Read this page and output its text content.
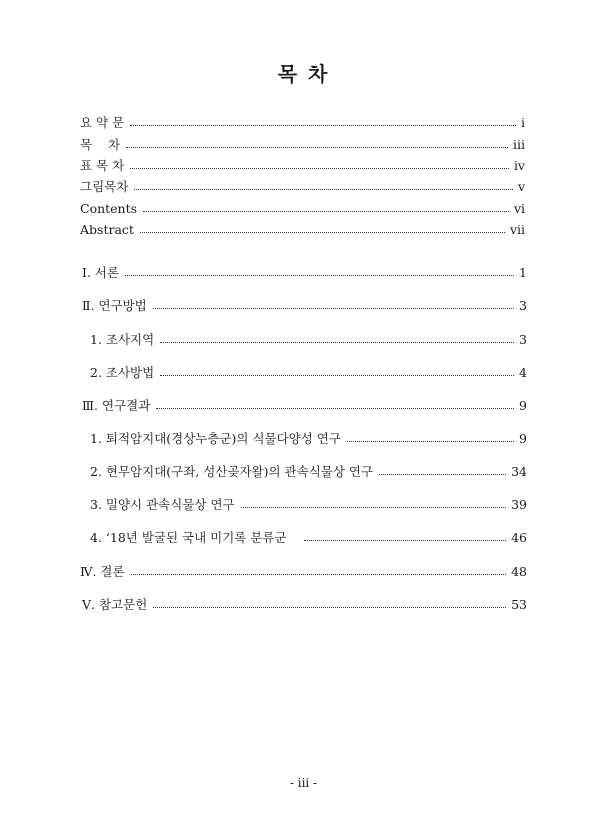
목 차
요 약 문	i
목    차	iii
표 목 차	iv
그림목차	v
Contents	vi
Abstract	vii
Ⅰ. 서론	1
Ⅱ. 연구방법	3
1. 조사지역	3
2. 조사방법	4
Ⅲ. 연구결과	9
1. 퇴적암지대(경상누층군)의 식물다양성 연구	9
2. 현무암지대(구좌, 성산곶자왈)의 관속식물상 연구	34
3. 밀양시 관속식물상 연구	39
4. ‘18년 발굴된 국내 미기록 분류군	46
Ⅳ. 결론	48
Ⅴ. 참고문헌	53
- iii -
